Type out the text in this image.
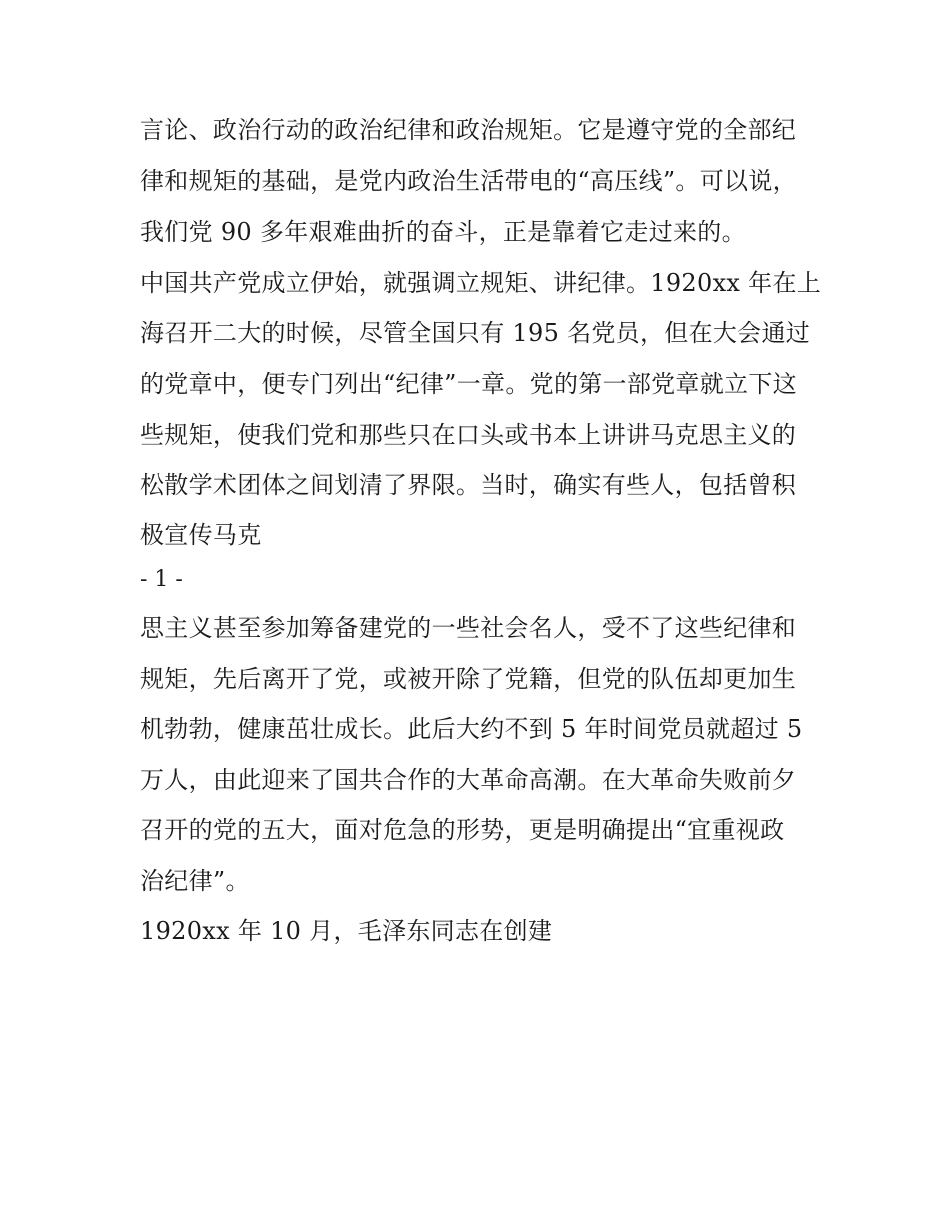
言论、政治行动的政治纪律和政治规矩。它是遵守党的全部纪
律和规矩的基础，是党内政治生活带电的“高压线”。可以说，
我们党 90 多年艰难曲折的奋斗，正是靠着它走过来的。
中国共产党成立伊始，就强调立规矩、讲纪律。1920xx 年在上
海召开二大的时候，尽管全国只有 195 名党员，但在大会通过
的党章中，便专门列出“纪律”一章。党的第一部党章就立下这
些规矩，使我们党和那些只在口头或书本上讲讲马克思主义的
松散学术团体之间划清了界限。当时，确实有些人，包括曾积
极宣传马克
- 1 -
思主义甚至参加筹备建党的一些社会名人，受不了这些纪律和
规矩，先后离开了党，或被开除了党籍，但党的队伍却更加生
机勃勃，健康茁壮成长。此后大约不到 5 年时间党员就超过 5
万人，由此迎来了国共合作的大革命高潮。在大革命失败前夕
召开的党的五大，面对危急的形势，更是明确提出“宜重视政
治纪律”。
1920xx 年 10 月，毛泽东同志在创建
